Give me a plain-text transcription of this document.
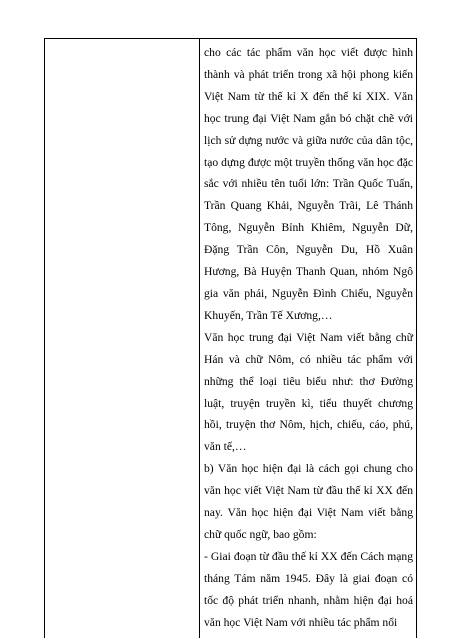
cho các tác phẩm văn học viết được hình
thành và phát triển trong xã hội phong kiến
Việt Nam từ thế kỉ X đến thế kỉ XIX. Văn
học trung đại Việt Nam gắn bó chặt chẽ với
lịch sử dựng nước và giữa nước của dân tộc,
tạo dựng được một truyền thống văn học đặc
sắc với nhiều tên tuổi lớn: Trần Quốc Tuấn,
Trần Quang Khải, Nguyễn Trãi, Lê Thánh
Tông, Nguyễn Bỉnh Khiêm, Nguyễn Dữ,
Đặng Trần Côn, Nguyễn Du, Hồ Xuân
Hương, Bà Huyện Thanh Quan, nhóm Ngô
gia văn phái, Nguyễn Đình Chiểu, Nguyễn
Khuyến, Trần Tế Xương,…
Văn học trung đại Việt Nam viết bằng chữ
Hán và chữ Nôm, có nhiều tác phẩm với
những thể loại tiêu biểu như: thơ Đường
luật, truyện truyền kì, tiểu thuyết chương
hồi, truyện thơ Nôm, hịch, chiếu, cáo, phú,
văn tế,…
b) Văn học hiện đại là cách gọi chung cho
văn học viết Việt Nam từ đầu thế kỉ XX đến
nay. Văn học hiện đại Việt Nam viết bằng
chữ quốc ngữ, bao gồm:
- Giai đoạn từ đầu thế kỉ XX đến Cách mạng
tháng Tám năm 1945. Đây là giai đoạn có
tốc độ phát triển nhanh, nhằm hiện đại hoá
văn học Việt Nam với nhiều tác phẩm nổi
